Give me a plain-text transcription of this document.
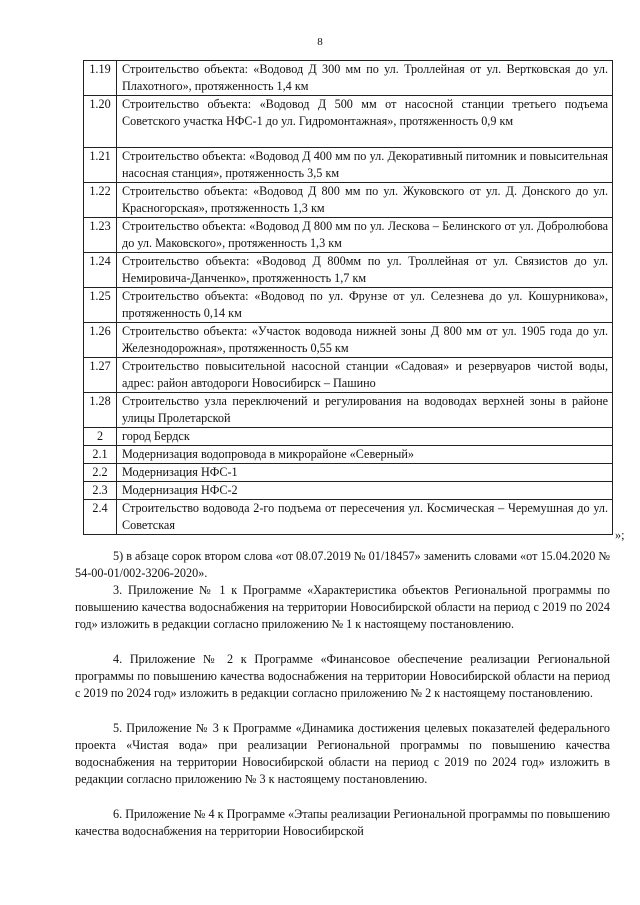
8
1.19	Строительство объекта: «Водовод Д 300 мм по ул. Троллейная от ул. Вертковская до ул. Плахотного», протяженность 1,4 км
1.20	Строительство объекта: «Водовод Д 500 мм от насосной станции третьего подъема Советского участка НФС-1 до ул. Гидромонтажная», протяженность 0,9 км
1.21	Строительство объекта: «Водовод Д 400 мм по ул. Декоративный питомник и повысительная насосная станция», протяженность 3,5 км
1.22	Строительство объекта: «Водовод Д 800 мм по ул. Жуковского от ул. Д. Донского до ул. Красногорская», протяженность 1,3 км
1.23	Строительство объекта: «Водовод Д 800 мм по ул. Лескова – Белинского от ул. Добролюбова до ул. Маковского», протяженность 1,3 км
1.24	Строительство объекта: «Водовод Д 800мм по ул. Троллейная от ул. Связистов до ул. Немировича-Данченко», протяженность 1,7 км
1.25	Строительство объекта: «Водовод по ул. Фрунзе от ул. Селезнева до ул. Кошурникова», протяженность 0,14 км
1.26	Строительство объекта: «Участок водовода нижней зоны Д 800 мм от ул. 1905 года до ул. Железнодорожная», протяженность 0,55 км
1.27	Строительство повысительной насосной станции «Садовая» и резервуаров чистой воды, адрес: район автодороги Новосибирск – Пашино
1.28	Строительство узла переключений и регулирования на водоводах верхней зоны в районе улицы Пролетарской
2	город Бердск
2.1	Модернизация водопровода в микрорайоне «Северный»
2.2	Модернизация НФС-1
2.3	Модернизация НФС-2
2.4	Строительство водовода 2-го подъема от пересечения ул. Космическая – Черемушная до ул. Советская
»;

5) в абзаце сорок втором слова «от 08.07.2019 № 01/18457» заменить словами «от 15.04.2020 № 54-00-01/002-3206-2020».

3. Приложение № 1 к Программе «Характеристика объектов Региональной программы по повышению качества водоснабжения на территории Новосибирской области на период с 2019 по 2024 год» изложить в редакции согласно приложению № 1 к настоящему постановлению.

4. Приложение № 2 к Программе «Финансовое обеспечение реализации Региональной программы по повышению качества водоснабжения на территории Новосибирской области на период с 2019 по 2024 год» изложить в редакции согласно приложению № 2 к настоящему постановлению.

5. Приложение № 3 к Программе «Динамика достижения целевых показателей федерального проекта «Чистая вода» при реализации Региональной программы по повышению качества водоснабжения на территории Новосибирской области на период с 2019 по 2024 год» изложить в редакции согласно приложению № 3 к настоящему постановлению.

6. Приложение № 4 к Программе «Этапы реализации Региональной программы по повышению качества водоснабжения на территории Новосибирской
